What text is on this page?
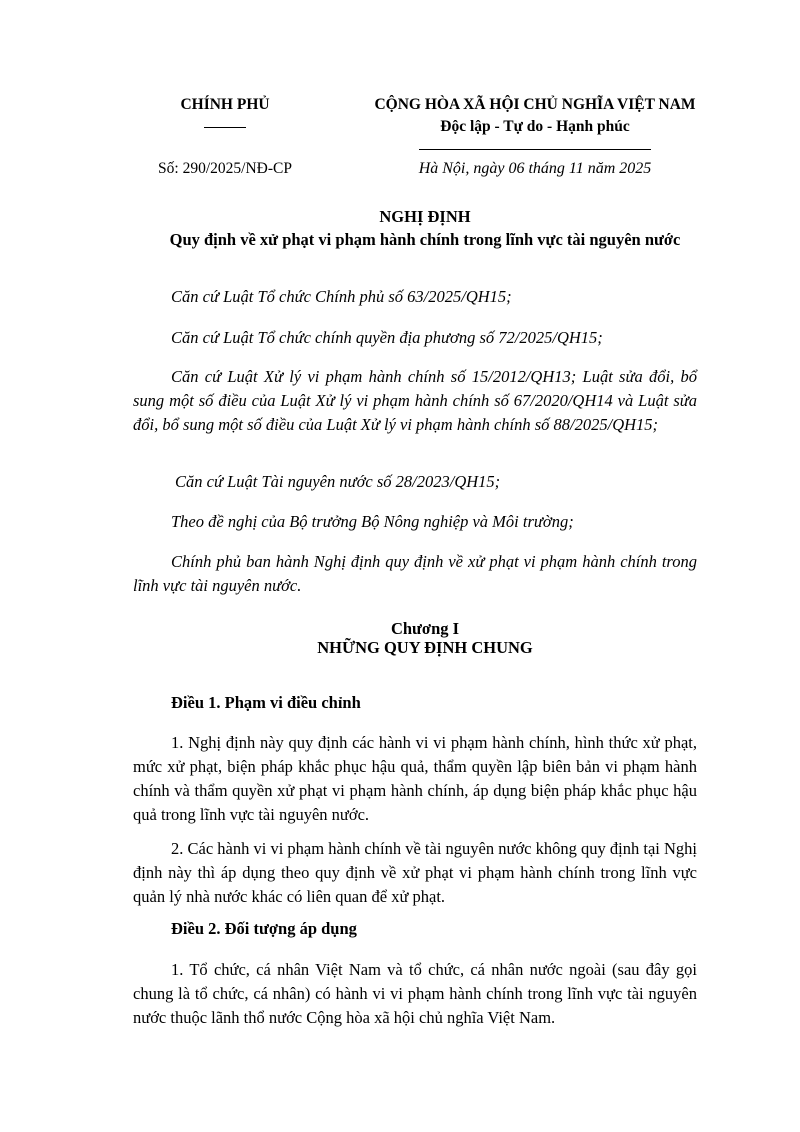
CHÍNH PHỦ	CỘNG HÒA XÃ HỘI CHỦ NGHĨA VIỆT NAM
Độc lập - Tự do - Hạnh phúc
Số: 290/2025/NĐ-CP	Hà Nội, ngày 06 tháng 11 năm 2025
NGHỊ ĐỊNH
Quy định về xử phạt vi phạm hành chính trong lĩnh vực tài nguyên nước
Căn cứ Luật Tổ chức Chính phủ số 63/2025/QH15;
Căn cứ Luật Tổ chức chính quyền địa phương số 72/2025/QH15;
Căn cứ Luật Xử lý vi phạm hành chính số 15/2012/QH13; Luật sửa đổi, bổ sung một số điều của Luật Xử lý vi phạm hành chính số 67/2020/QH14 và Luật sửa đổi, bổ sung một số điều của Luật Xử lý vi phạm hành chính số 88/2025/QH15;
Căn cứ Luật Tài nguyên nước số 28/2023/QH15;
Theo đề nghị của Bộ trưởng Bộ Nông nghiệp và Môi trường;
Chính phủ ban hành Nghị định quy định về xử phạt vi phạm hành chính trong lĩnh vực tài nguyên nước.
Chương I
NHỮNG QUY ĐỊNH CHUNG
Điều 1. Phạm vi điều chỉnh
1. Nghị định này quy định các hành vi vi phạm hành chính, hình thức xử phạt, mức xử phạt, biện pháp khắc phục hậu quả, thẩm quyền lập biên bản vi phạm hành chính và thẩm quyền xử phạt vi phạm hành chính, áp dụng biện pháp khắc phục hậu quả trong lĩnh vực tài nguyên nước.
2. Các hành vi vi phạm hành chính về tài nguyên nước không quy định tại Nghị định này thì áp dụng theo quy định về xử phạt vi phạm hành chính trong lĩnh vực quản lý nhà nước khác có liên quan để xử phạt.
Điều 2. Đối tượng áp dụng
1. Tổ chức, cá nhân Việt Nam và tổ chức, cá nhân nước ngoài (sau đây gọi chung là tổ chức, cá nhân) có hành vi vi phạm hành chính trong lĩnh vực tài nguyên nước thuộc lãnh thổ nước Cộng hòa xã hội chủ nghĩa Việt Nam.
